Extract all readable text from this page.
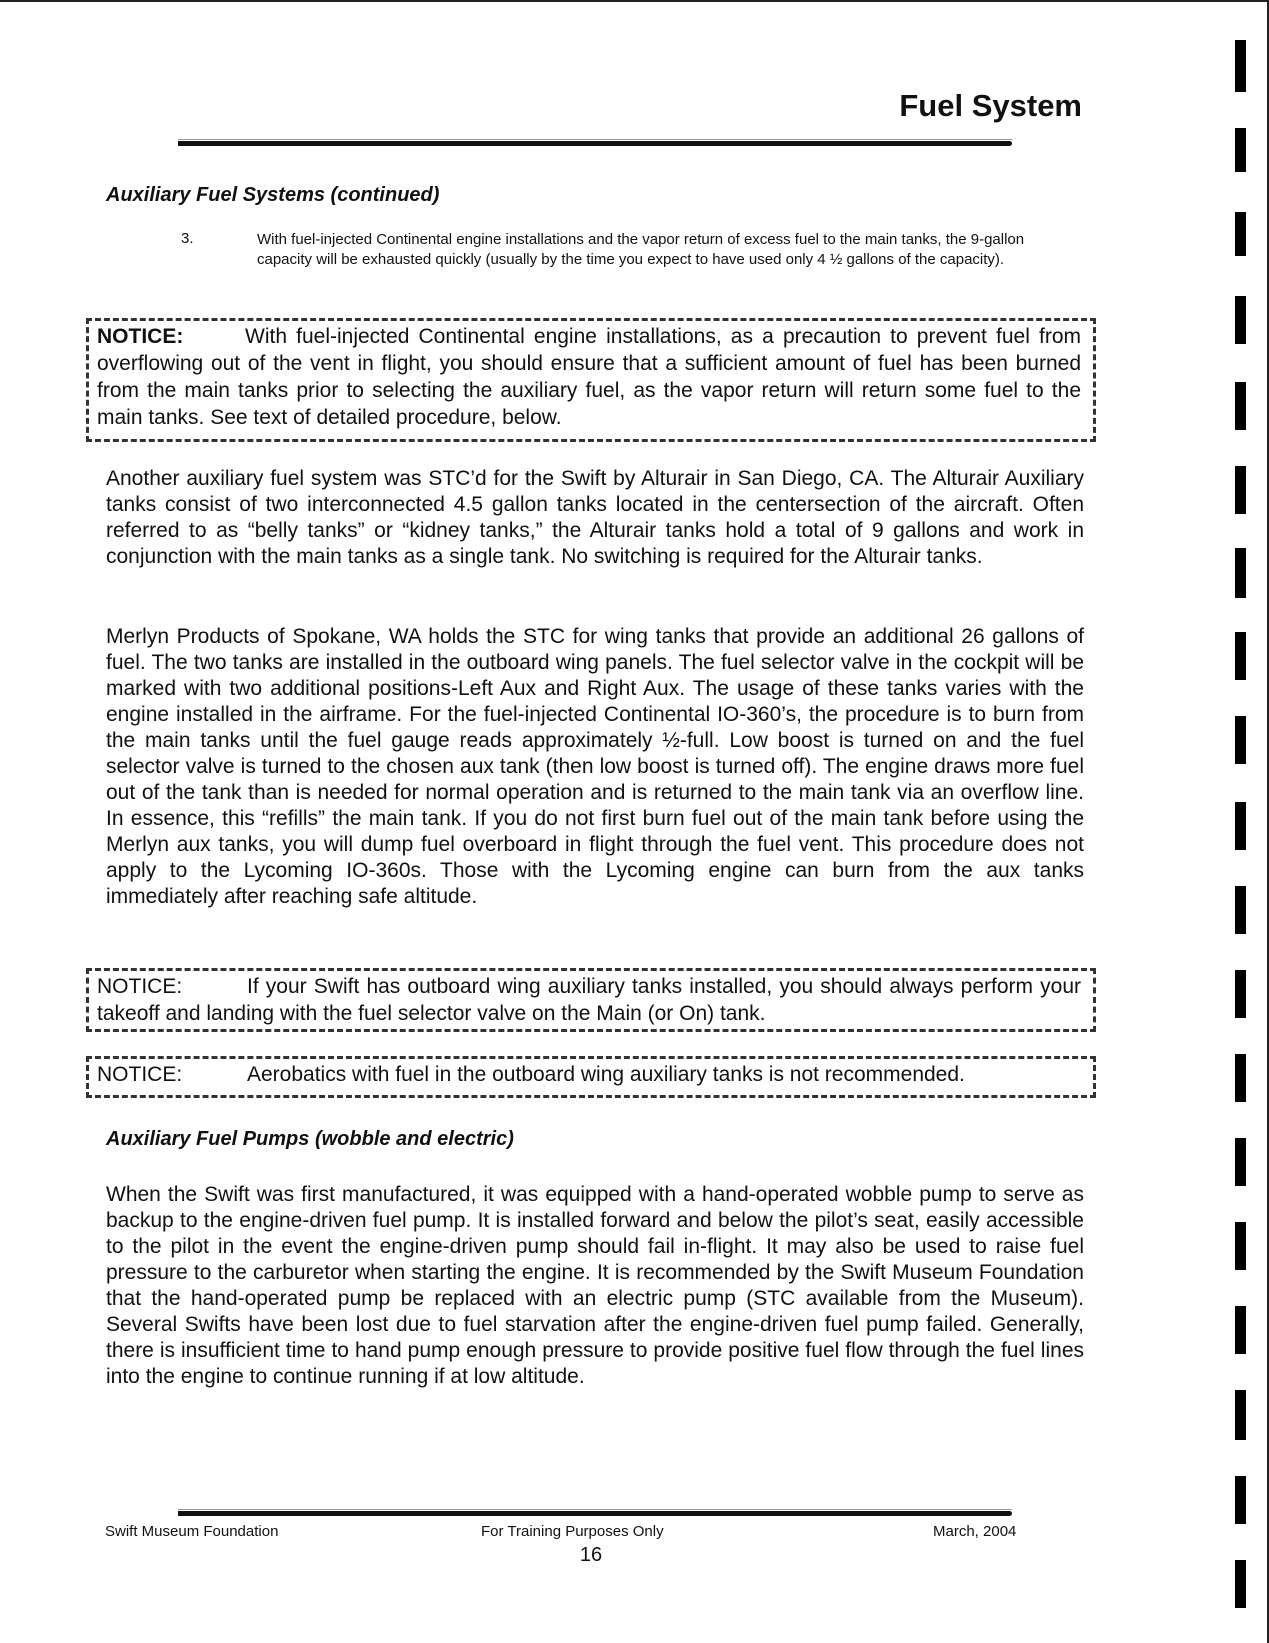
Fuel System
Auxiliary Fuel Systems (continued)
3.	With fuel-injected Continental engine installations and the vapor return of excess fuel to the main tanks, the 9-gallon capacity will be exhausted quickly (usually by the time you expect to have used only 4 ½ gallons of the capacity).
NOTICE:	With fuel-injected Continental engine installations, as a precaution to prevent fuel from overflowing out of the vent in flight, you should ensure that a sufficient amount of fuel has been burned from the main tanks prior to selecting the auxiliary fuel, as the vapor return will return some fuel to the main tanks. See text of detailed procedure, below.

Another auxiliary fuel system was STC’d for the Swift by Alturair in San Diego, CA. The Alturair Auxiliary tanks consist of two interconnected 4.5 gallon tanks located in the centersection of the aircraft. Often referred to as “belly tanks” or “kidney tanks,” the Alturair tanks hold a total of 9 gallons and work in conjunction with the main tanks as a single tank. No switching is required for the Alturair tanks.

Merlyn Products of Spokane, WA holds the STC for wing tanks that provide an additional 26 gallons of fuel. The two tanks are installed in the outboard wing panels. The fuel selector valve in the cockpit will be marked with two additional positions-Left Aux and Right Aux. The usage of these tanks varies with the engine installed in the airframe. For the fuel-injected Continental IO-360’s, the procedure is to burn from the main tanks until the fuel gauge reads approximately ½-full. Low boost is turned on and the fuel selector valve is turned to the chosen aux tank (then low boost is turned off). The engine draws more fuel out of the tank than is needed for normal operation and is returned to the main tank via an overflow line. In essence, this “refills” the main tank. If you do not first burn fuel out of the main tank before using the Merlyn aux tanks, you will dump fuel overboard in flight through the fuel vent. This procedure does not apply to the Lycoming IO-360s. Those with the Lycoming engine can burn from the aux tanks immediately after reaching safe altitude.

NOTICE:	If your Swift has outboard wing auxiliary tanks installed, you should always perform your takeoff and landing with the fuel selector valve on the Main (or On) tank.
NOTICE:	Aerobatics with fuel in the outboard wing auxiliary tanks is not recommended.
Auxiliary Fuel Pumps (wobble and electric)

When the Swift was first manufactured, it was equipped with a hand-operated wobble pump to serve as backup to the engine-driven fuel pump. It is installed forward and below the pilot’s seat, easily accessible to the pilot in the event the engine-driven pump should fail in-flight. It may also be used to raise fuel pressure to the carburetor when starting the engine. It is recommended by the Swift Museum Foundation that the hand-operated pump be replaced with an electric pump (STC available from the Museum). Several Swifts have been lost due to fuel starvation after the engine-driven fuel pump failed. Generally, there is insufficient time to hand pump enough pressure to provide positive fuel flow through the fuel lines into the engine to continue running if at low altitude.

Swift Museum Foundation	For Training Purposes Only	March, 2004
16
